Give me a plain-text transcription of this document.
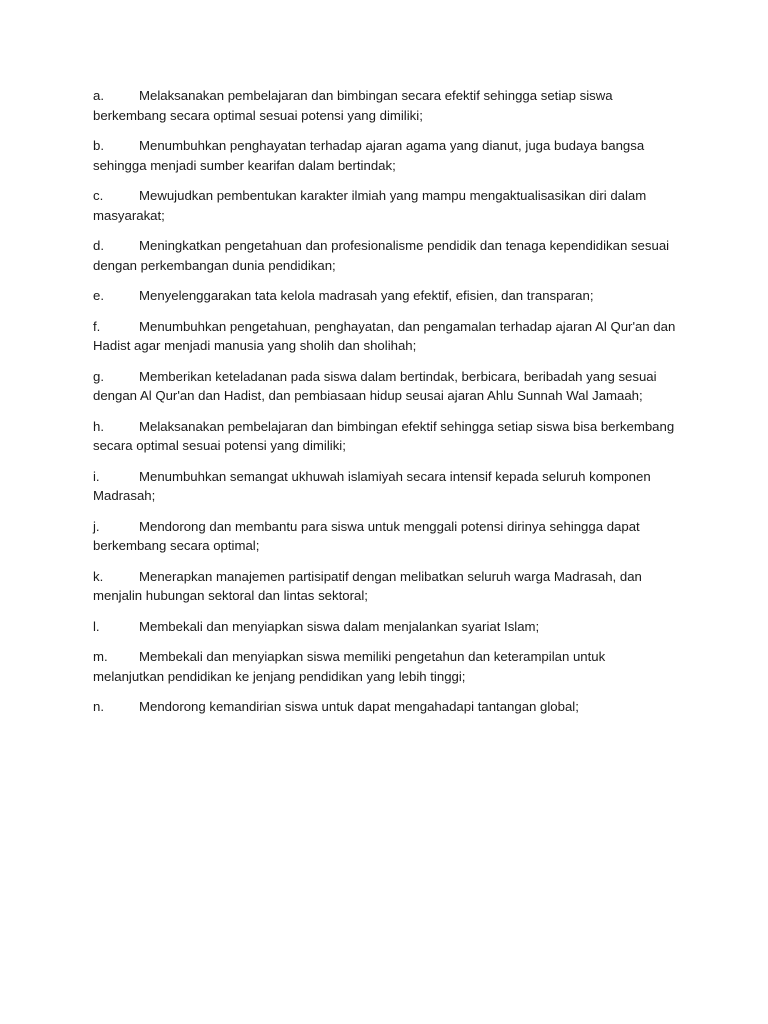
a.	Melaksanakan pembelajaran dan bimbingan secara efektif sehingga setiap siswa
berkembang secara optimal sesuai potensi yang dimiliki;
b.	Menumbuhkan penghayatan terhadap ajaran agama yang dianut, juga budaya bangsa
sehingga menjadi sumber kearifan dalam bertindak;
c.	Mewujudkan pembentukan karakter ilmiah yang mampu mengaktualisasikan diri dalam
masyarakat;
d.	Meningkatkan pengetahuan dan profesionalisme pendidik dan tenaga kependidikan sesuai
dengan perkembangan dunia pendidikan;
e.	Menyelenggarakan tata kelola madrasah yang efektif, efisien, dan transparan;
f.	Menumbuhkan pengetahuan, penghayatan, dan pengamalan terhadap ajaran Al Qur'an dan
Hadist agar menjadi manusia yang sholih dan sholihah;
g.	Memberikan keteladanan pada siswa dalam bertindak, berbicara, beribadah yang sesuai
dengan Al Qur'an dan Hadist, dan pembiasaan hidup seusai ajaran Ahlu Sunnah Wal Jamaah;
h.	Melaksanakan pembelajaran dan bimbingan efektif sehingga setiap siswa bisa berkembang
secara optimal sesuai potensi yang dimiliki;
i.	Menumbuhkan semangat ukhuwah islamiyah secara intensif kepada seluruh komponen
Madrasah;
j.	Mendorong dan membantu para siswa untuk menggali potensi dirinya sehingga dapat
berkembang secara optimal;
k.	Menerapkan manajemen partisipatif dengan melibatkan seluruh warga Madrasah, dan
menjalin hubungan sektoral dan lintas sektoral;
l.	Membekali dan menyiapkan siswa dalam menjalankan syariat Islam;
m. Membekali dan menyiapkan siswa memiliki pengetahun dan keterampilan untuk
melanjutkan pendidikan ke jenjang pendidikan yang lebih tinggi;
n.	Mendorong kemandirian siswa untuk dapat mengahadapi tantangan global;
